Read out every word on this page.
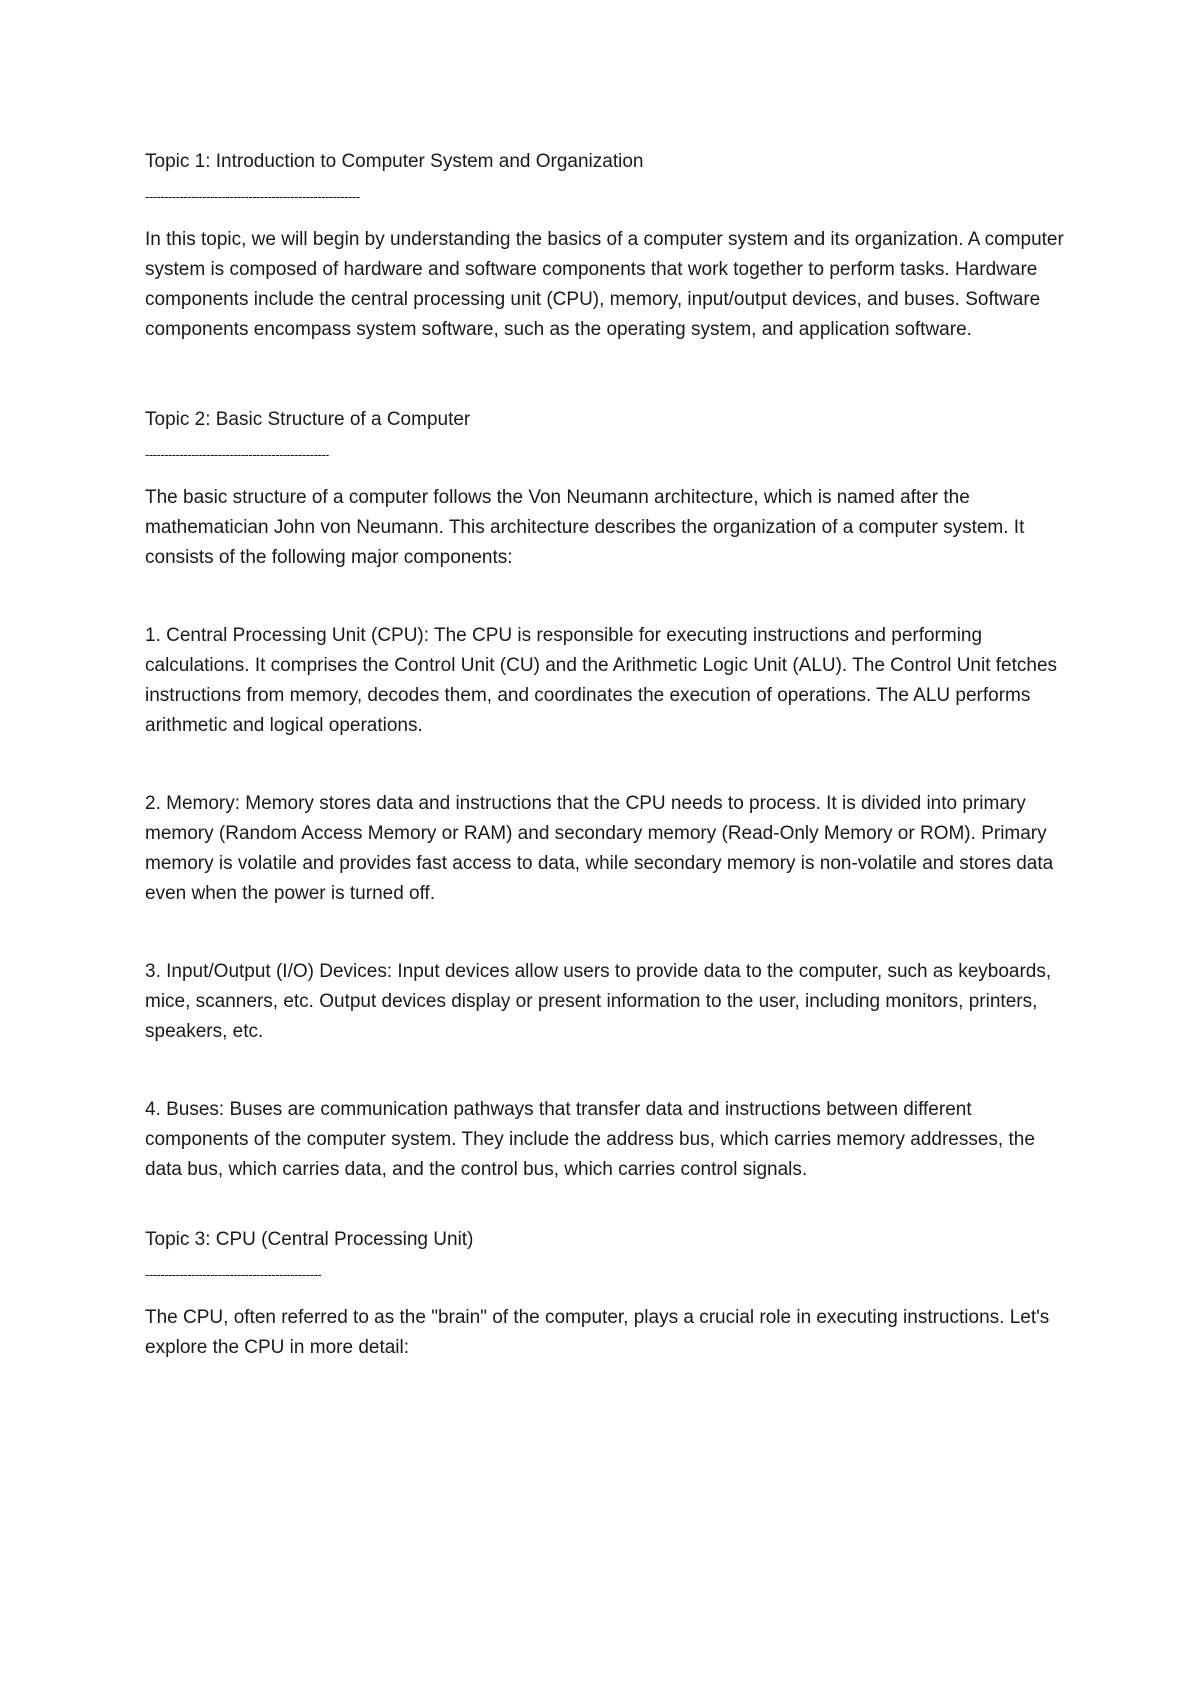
Topic 1: Introduction to Computer System and Organization
--------------------------------------------------------

In this topic, we will begin by understanding the basics of a computer system and its organization. A computer system is composed of hardware and software components that work together to perform tasks. Hardware components include the central processing unit (CPU), memory, input/output devices, and buses. Software components encompass system software, such as the operating system, and application software.

Topic 2: Basic Structure of a Computer
------------------------------------------------

The basic structure of a computer follows the Von Neumann architecture, which is named after the mathematician John von Neumann. This architecture describes the organization of a computer system. It consists of the following major components:

1. Central Processing Unit (CPU): The CPU is responsible for executing instructions and performing calculations. It comprises the Control Unit (CU) and the Arithmetic Logic Unit (ALU). The Control Unit fetches instructions from memory, decodes them, and coordinates the execution of operations. The ALU performs arithmetic and logical operations.

2. Memory: Memory stores data and instructions that the CPU needs to process. It is divided into primary memory (Random Access Memory or RAM) and secondary memory (Read-Only Memory or ROM). Primary memory is volatile and provides fast access to data, while secondary memory is non-volatile and stores data even when the power is turned off.

3. Input/Output (I/O) Devices: Input devices allow users to provide data to the computer, such as keyboards, mice, scanners, etc. Output devices display or present information to the user, including monitors, printers, speakers, etc.

4. Buses: Buses are communication pathways that transfer data and instructions between different components of the computer system. They include the address bus, which carries memory addresses, the data bus, which carries data, and the control bus, which carries control signals.

Topic 3: CPU (Central Processing Unit)
----------------------------------------------

The CPU, often referred to as the "brain" of the computer, plays a crucial role in executing instructions. Let's explore the CPU in more detail:
